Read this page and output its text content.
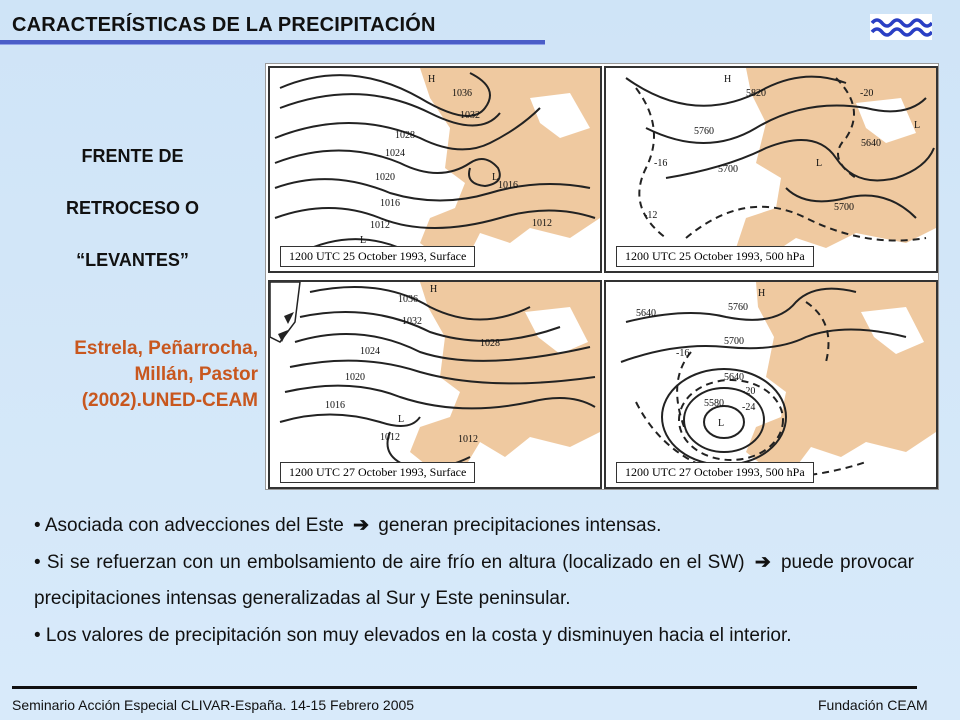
CARACTERÍSTICAS DE LA PRECIPITACIÓN
FRENTE DE
RETROCESO O
“LEVANTES”
Estrela, Peñarrocha,
Millán, Pastor
(2002).UNED-CEAM
H
L
L
1036
1032
1028
1024
1020
1016
1012
1016
1012
1200 UTC 25 October 1993, Surface
H
L
L
5820
5760
5700
5640
5700
-16
-12
-20
1200 UTC 25 October 1993, 500 hPa
H
L
1036
1032
1028
1024
1020
1016
1012	1012
1200 UTC 27 October 1993, Surface
H
L
5760
5700
5640
5640
5580
-16
-20
-24
1200 UTC 27 October 1993, 500 hPa

• Asociada con advecciones del Este ➔ generan precipitaciones intensas.

• Si se refuerzan con un embolsamiento de aire frío en altura (localizado en el SW) ➔ puede provocar precipitaciones intensas generalizadas al Sur y Este peninsular.

• Los valores de precipitación son muy elevados en la costa y disminuyen hacia el interior.

Seminario Acción Especial CLIVAR-España. 14-15 Febrero 2005	Fundación CEAM
